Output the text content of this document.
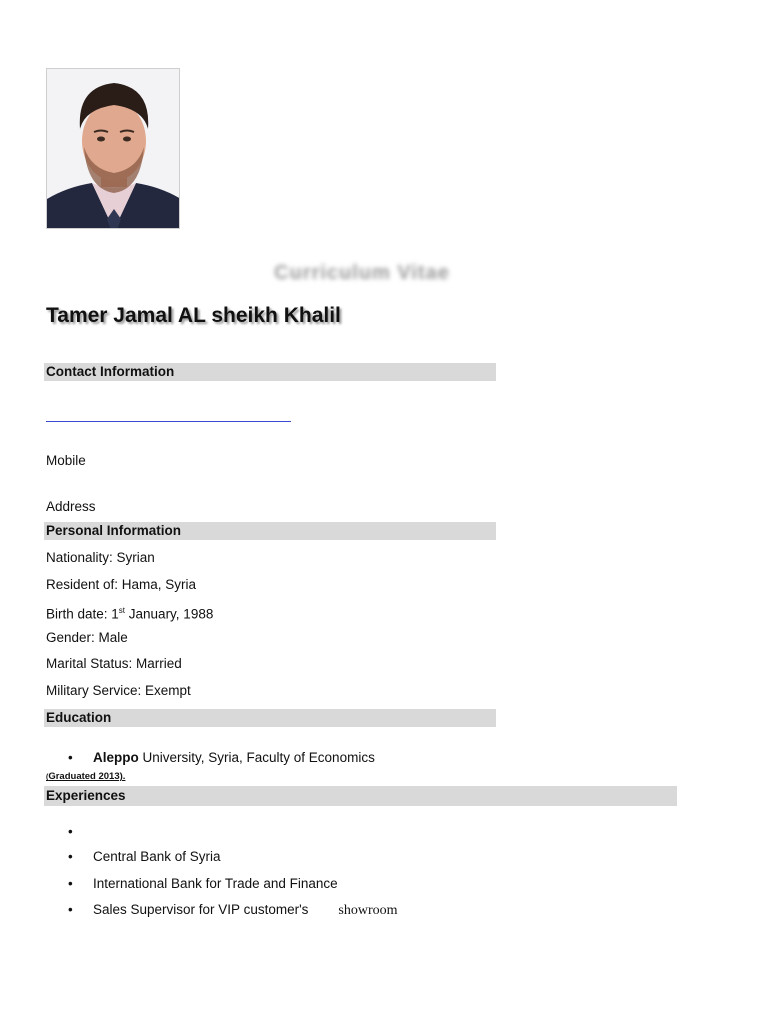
Curriculum Vitae
Tamer Jamal AL sheikh Khalil
Contact Information
Mobile
Address
Personal Information
Nationality: Syrian
Resident of: Hama, Syria
Birth date: 1st January, 1988
Gender: Male
Marital Status: Married
Military Service: Exempt
Education
• Aleppo University, Syria, Faculty of Economics
(Graduated 2013).
Experiences
•
• Central Bank of Syria
• International Bank for Trade and Finance
• Sales Supervisor for VIP customer's showroom
